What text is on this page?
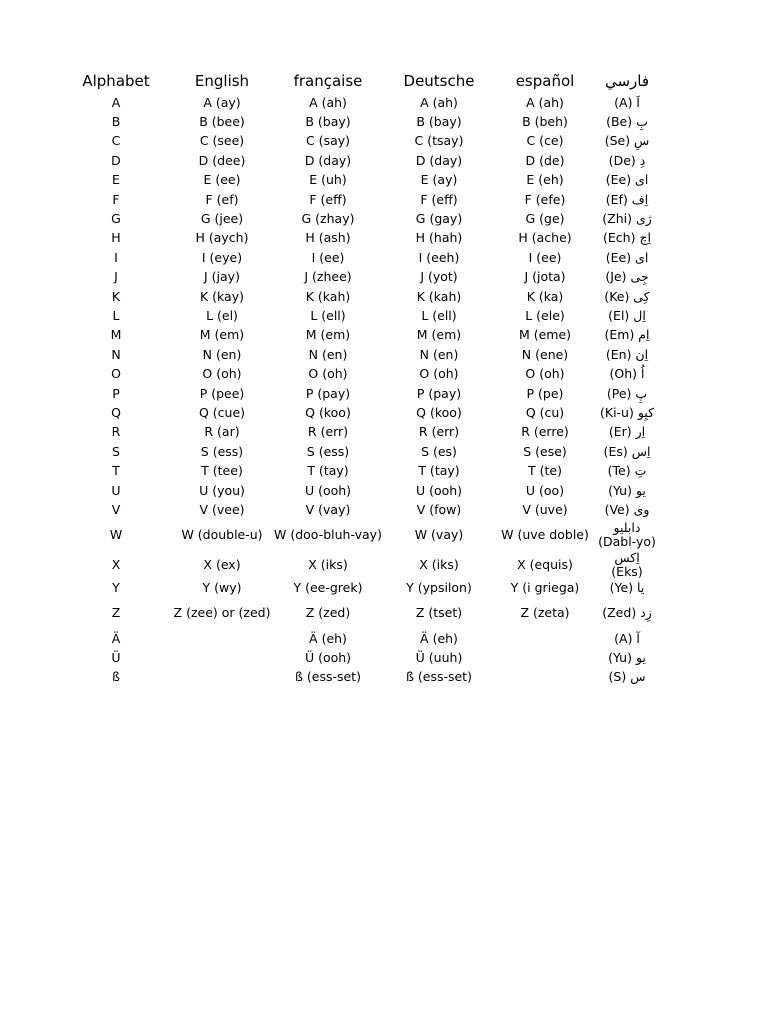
Alphabet	English	française	Deutsche	español	فارسي
A	A (ay)	A (ah)	A (ah)	A (ah)	اَ (A)
B	B (bee)	B (bay)	B (bay)	B (beh)	بِ (Be)
C	C (see)	C (say)	C (tsay)	C (ce)	سِ (Se)
D	D (dee)	D (day)	D (day)	D (de)	دِ (De)
E	E (ee)	E (uh)	E (ay)	E (eh)	ای (Ee)
F	F (ef)	F (eff)	F (eff)	F (efe)	اِف (Ef)
G	G (jee)	G (zhay)	G (gay)	G (ge)	ژی (Zhi)
H	H (aych)	H (ash)	H (hah)	H (ache)	اِچ (Ech)
I	I (eye)	I (ee)	I (eeh)	I (ee)	ای (Ee)
J	J (jay)	J (zhee)	J (yot)	J (jota)	جِی (Je)
K	K (kay)	K (kah)	K (kah)	K (ka)	کِی (Ke)
L	L (el)	L (ell)	L (ell)	L (ele)	اِل (El)
M	M (em)	M (em)	M (em)	M (eme)	اِم (Em)
N	N (en)	N (en)	N (en)	N (ene)	اِن (En)
O	O (oh)	O (oh)	O (oh)	O (oh)	اُ (Oh)
P	P (pee)	P (pay)	P (pay)	P (pe)	پِ (Pe)
Q	Q (cue)	Q (koo)	Q (koo)	Q (cu)	کیِو (Ki-u)
R	R (ar)	R (err)	R (err)	R (erre)	اِر (Er)
S	S (ess)	S (ess)	S (es)	S (ese)	اِس (Es)
T	T (tee)	T (tay)	T (tay)	T (te)	تِ (Te)
U	U (you)	U (ooh)	U (ooh)	U (oo)	یو (Yu)
V	V (vee)	V (vay)	V (fow)	V (uve)	وی (Ve)
W	W (double-u)	W (doo-bluh-vay)	W (vay)	W (uve doble)	دابلیو (Dabl-yo)
X	X (ex)	X (iks)	X (iks)	X (equis)	اِکس (Eks)
Y	Y (wy)	Y (ee-grek)	Y (ypsilon)	Y (i griega)	یا (Ye)
Z	Z (zee) or (zed)	Z (zed)	Z (tset)	Z (zeta)	زِد (Zed)
Ä		Ä (eh)	Ä (eh)		آ (A)
Ü		Ü (ooh)	Ü (uuh)		یو (Yu)
ß		ß (ess-set)	ß (ess-set)		س (S)
